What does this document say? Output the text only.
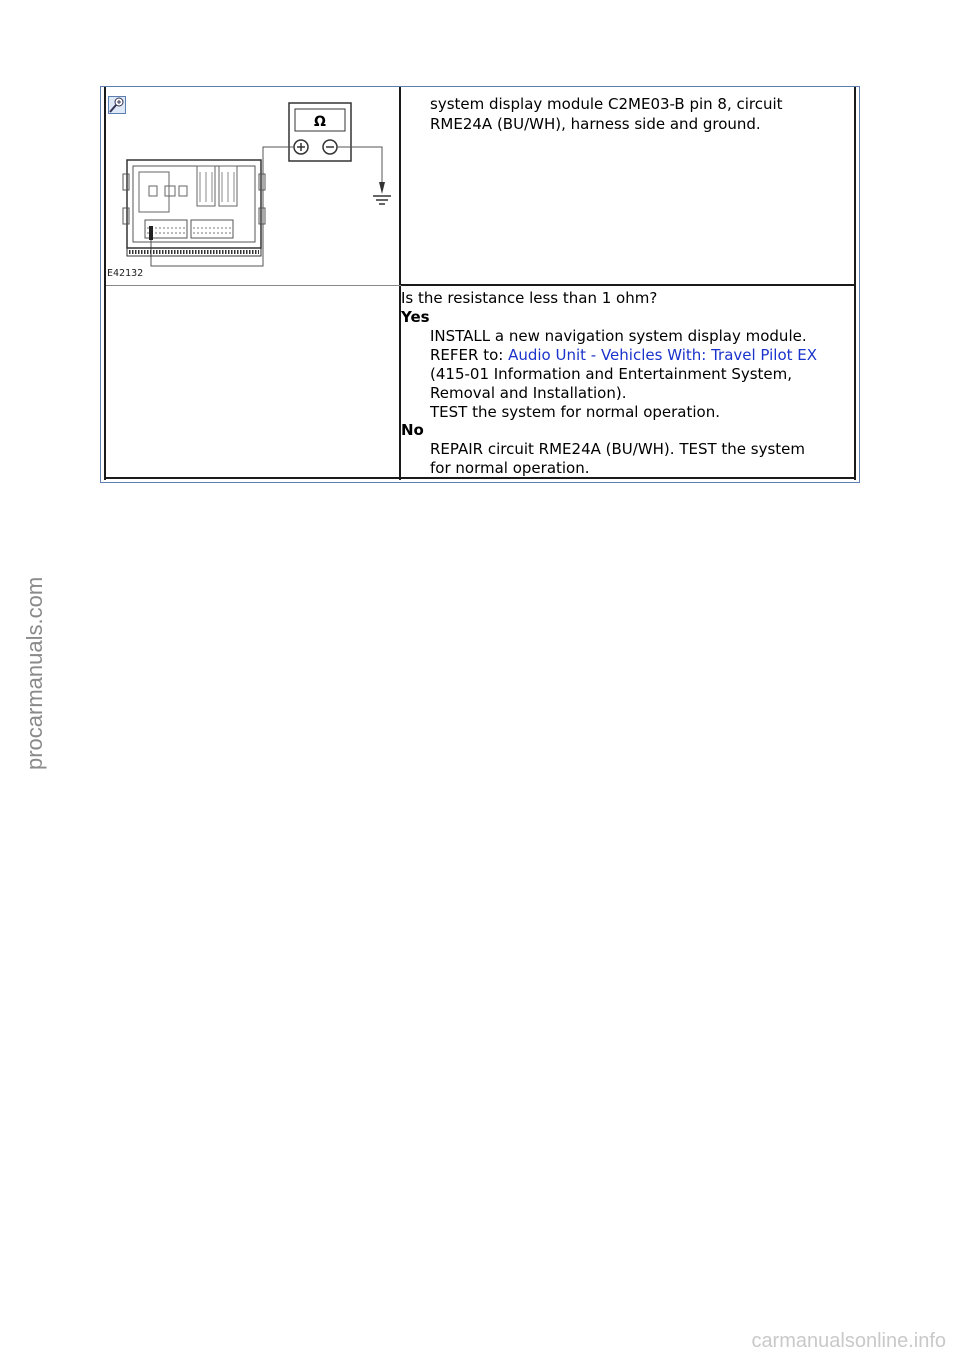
Ω
E42132
system display module C2ME03-B pin 8, circuit
RME24A (BU/WH), harness side and ground.
Is the resistance less than 1 ohm?
Yes
INSTALL a new navigation system display module.
REFER to: Audio Unit - Vehicles With: Travel Pilot EX
(415-01 Information and Entertainment System,
Removal and Installation).
TEST the system for normal operation.
No
REPAIR circuit RME24A (BU/WH). TEST the system
for normal operation.
procarmanuals.com
carmanualsonline.info
